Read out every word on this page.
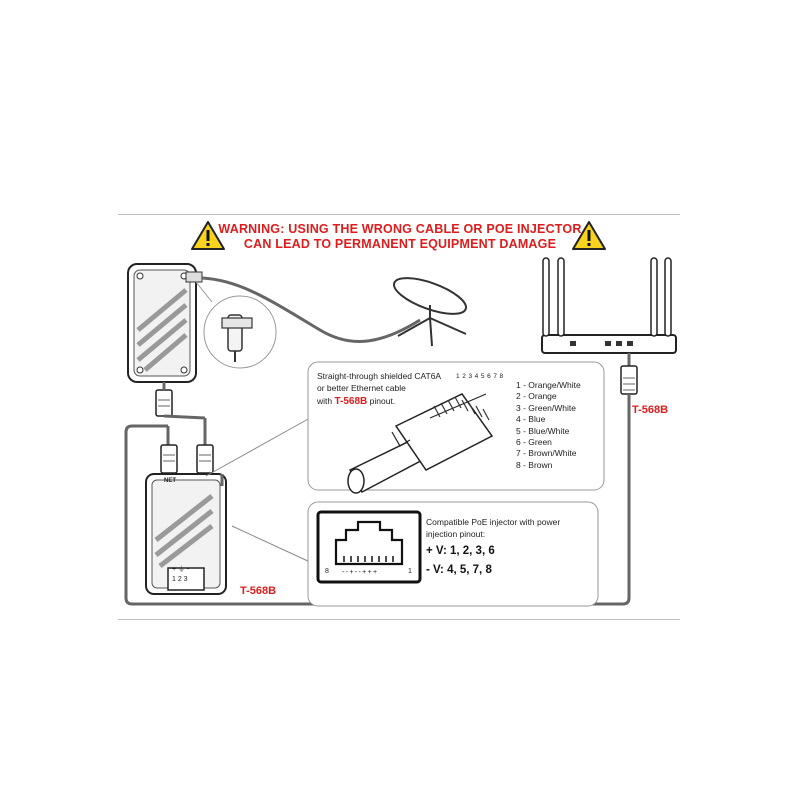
WARNING: USING THE WRONG CABLE OR POE INJECTOR
CAN LEAD TO PERMANENT EQUIPMENT DAMAGE
Straight-through shielded CAT6A
or better Ethernet cable
with T-568B pinout.
12345678
1 - Orange/White
2 - Orange
3 - Green/White
4 - Blue
5 - Blue/White
6 - Green
7 - Brown/White
8 - Brown
Compatible PoE injector with power
injection pinout:
+ V: 1, 2, 3, 6
- V: 4, 5, 7, 8
8	1
- - + - - + + +
NET
+ ⏚ -
1 2 3
T-568B
T-568B
